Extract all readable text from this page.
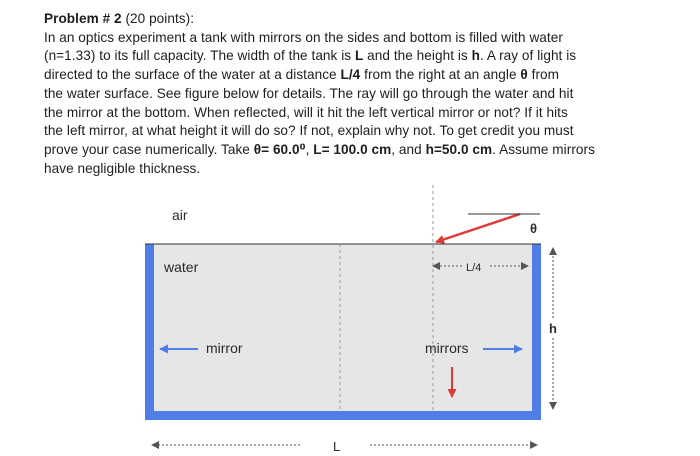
Problem # 2 (20 points):

In an optics experiment a tank with mirrors on the sides and bottom is filled with water

(n=1.33) to its full capacity. The width of the tank is L and the height is h. A ray of light is

directed to the surface of the water at a distance L/4 from the right at an angle θ from

the water surface. See figure below for details. The ray will go through the water and hit

the mirror at the bottom. When reflected, will it hit the left vertical mirror or not? If it hits

the left mirror, at what height it will do so? If not, explain why not. To get credit you must

prove your case numerically. Take θ= 60.0⁰, L= 100.0 cm, and h=50.0 cm. Assume mirrors

have negligible thickness.

θ
air
water	L/4
h
mirror	mirrors
L
